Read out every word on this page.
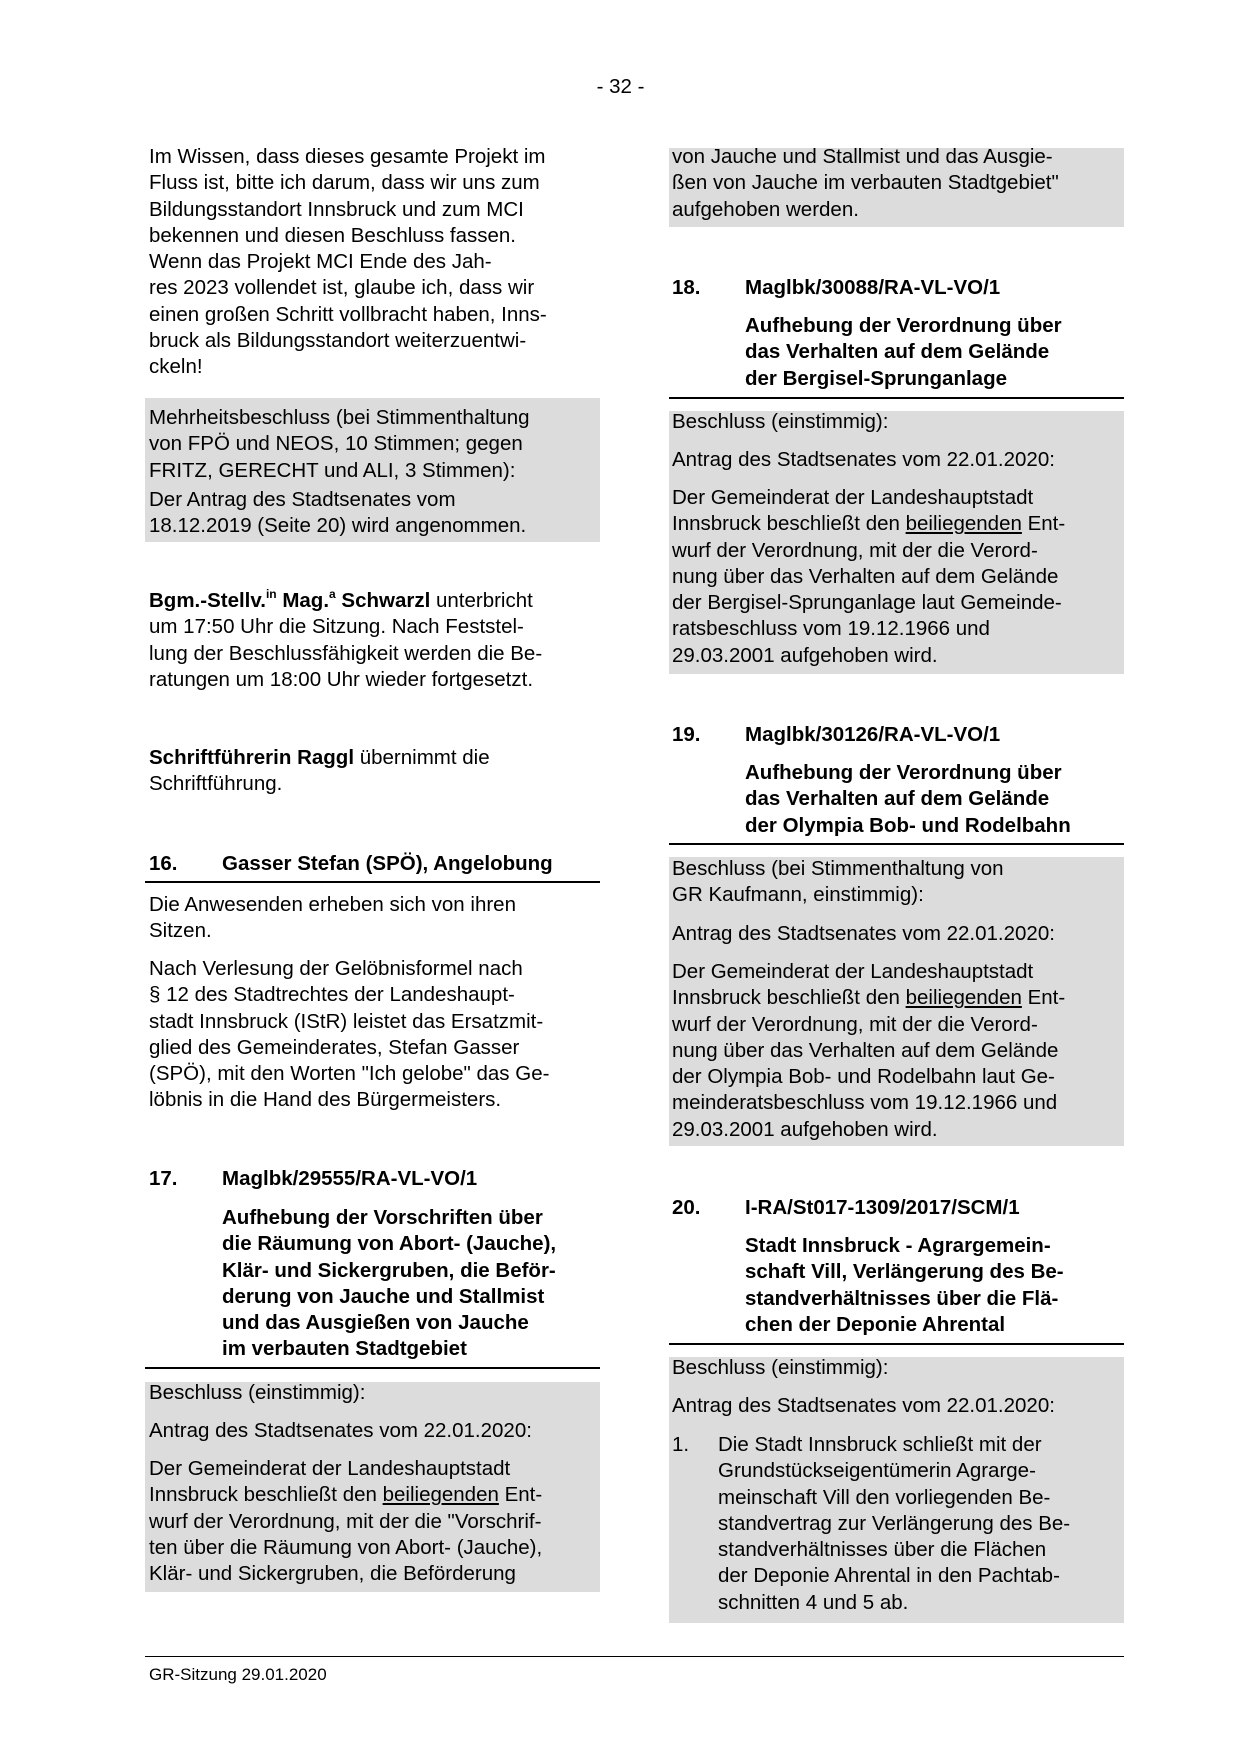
- 32 -
Im Wissen, dass dieses gesamte Projekt im
Fluss ist, bitte ich darum, dass wir uns zum
Bildungsstandort Innsbruck und zum MCI
bekennen und diesen Beschluss fassen.
Wenn das Projekt MCI Ende des Jah-
res 2023 vollendet ist, glaube ich, dass wir
einen großen Schritt vollbracht haben, Inns-
bruck als Bildungsstandort weiterzuentwi-
ckeln!
Mehrheitsbeschluss (bei Stimmenthaltung
von FPÖ und NEOS, 10 Stimmen; gegen
FRITZ, GERECHT und ALI, 3 Stimmen):
Der Antrag des Stadtsenates vom
18.12.2019 (Seite 20) wird angenommen.
Bgm.-Stellv.$^{in}$ Mag.$^a$ Schwarzl unterbricht
um 17:50 Uhr die Sitzung. Nach Feststel-
lung der Beschlussfähigkeit werden die Be-
ratungen um 18:00 Uhr wieder fortgesetzt.
Schriftführerin Raggl übernimmt die
Schriftführung.
16. Gasser Stefan (SPÖ), Angelobung
Die Anwesenden erheben sich von ihren
Sitzen.
Nach Verlesung der Gelöbnisformel nach
§ 12 des Stadtrechtes der Landeshaupt-
stadt Innsbruck (IStR) leistet das Ersatzmit-
glied des Gemeinderates, Stefan Gasser
(SPÖ), mit den Worten "Ich gelobe" das Ge-
löbnis in die Hand des Bürgermeisters.
17. Maglbk/29555/RA-VL-VO/1
Aufhebung der Vorschriften über
die Räumung von Abort- (Jauche),
Klär- und Sickergruben, die Beför-
derung von Jauche und Stallmist
und das Ausgießen von Jauche
im verbauten Stadtgebiet
Beschluss (einstimmig):
Antrag des Stadtsenates vom 22.01.2020:
Der Gemeinderat der Landeshauptstadt
Innsbruck beschließt den beiliegenden Ent-
wurf der Verordnung, mit der die "Vorschrif-
ten über die Räumung von Abort- (Jauche),
Klär- und Sickergruben, die Beförderung
von Jauche und Stallmist und das Ausgie-
ßen von Jauche im verbauten Stadtgebiet"
aufgehoben werden.
18. Maglbk/30088/RA-VL-VO/1
Aufhebung der Verordnung über
das Verhalten auf dem Gelände
der Bergisel-Sprunganlage
Beschluss (einstimmig):
Antrag des Stadtsenates vom 22.01.2020:
Der Gemeinderat der Landeshauptstadt
Innsbruck beschließt den beiliegenden Ent-
wurf der Verordnung, mit der die Verord-
nung über das Verhalten auf dem Gelände
der Bergisel-Sprunganlage laut Gemeinde-
ratsbeschluss vom 19.12.1966 und
29.03.2001 aufgehoben wird.
19. Maglbk/30126/RA-VL-VO/1
Aufhebung der Verordnung über
das Verhalten auf dem Gelände
der Olympia Bob- und Rodelbahn
Beschluss (bei Stimmenthaltung von
GR Kaufmann, einstimmig):
Antrag des Stadtsenates vom 22.01.2020:
Der Gemeinderat der Landeshauptstadt
Innsbruck beschließt den beiliegenden Ent-
wurf der Verordnung, mit der die Verord-
nung über das Verhalten auf dem Gelände
der Olympia Bob- und Rodelbahn laut Ge-
meinderatsbeschluss vom 19.12.1966 und
29.03.2001 aufgehoben wird.
20. I-RA/St017-1309/2017/SCM/1
Stadt Innsbruck - Agrargemein-
schaft Vill, Verlängerung des Be-
standverhältnisses über die Flä-
chen der Deponie Ahrental
Beschluss (einstimmig):
Antrag des Stadtsenates vom 22.01.2020:
1. Die Stadt Innsbruck schließt mit der
Grundstückseigentümerin Agrarge-
meinschaft Vill den vorliegenden Be-
standvertrag zur Verlängerung des Be-
standverhältnisses über die Flächen
der Deponie Ahrental in den Pachtab-
schnitten 4 und 5 ab.
GR-Sitzung 29.01.2020
